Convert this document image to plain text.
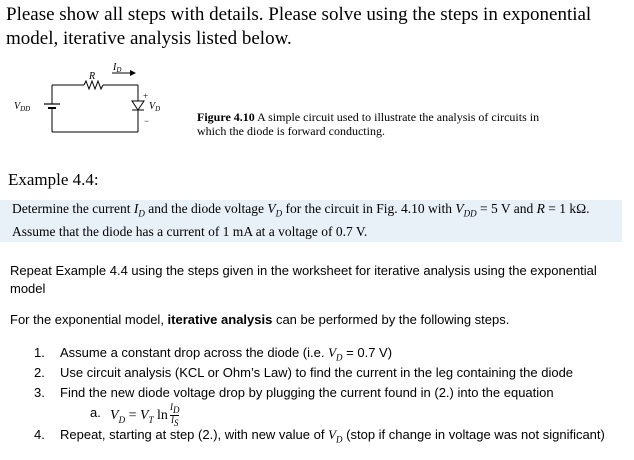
Please show all steps with details. Please solve using the steps in exponential
model, iterative analysis listed below.
R
$I_D$
$V_{DD}$	$V_D$
+
−	Figure 4.10 A simple circuit used to illustrate the analysis of circuits in
which the diode is forward conducting.
Example 4.4:
Determine the current $I_D$ and the diode voltage $V_D$ for the circuit in Fig. 4.10 with $V_{DD} = 5$ V and R = 1 kΩ.
Assume that the diode has a current of 1 mA at a voltage of 0.7 V.
Repeat Example 4.4 using the steps given in the worksheet for iterative analysis using the exponential
model
For the exponential model, iterative analysis can be performed by the following steps.
1. Assume a constant drop across the diode (i.e. $V_D = 0.7$ V)
2. Use circuit analysis (KCL or Ohm’s Law) to find the current in the leg containing the diode
3. Find the new diode voltage drop by plugging the current found in (2.) into the equation
a. $V_D = V_T$ $\ln \frac{I_D}{I_S}$
4. Repeat, starting at step (2.), with new value of $V_D$ (stop if change in voltage was not significant)
